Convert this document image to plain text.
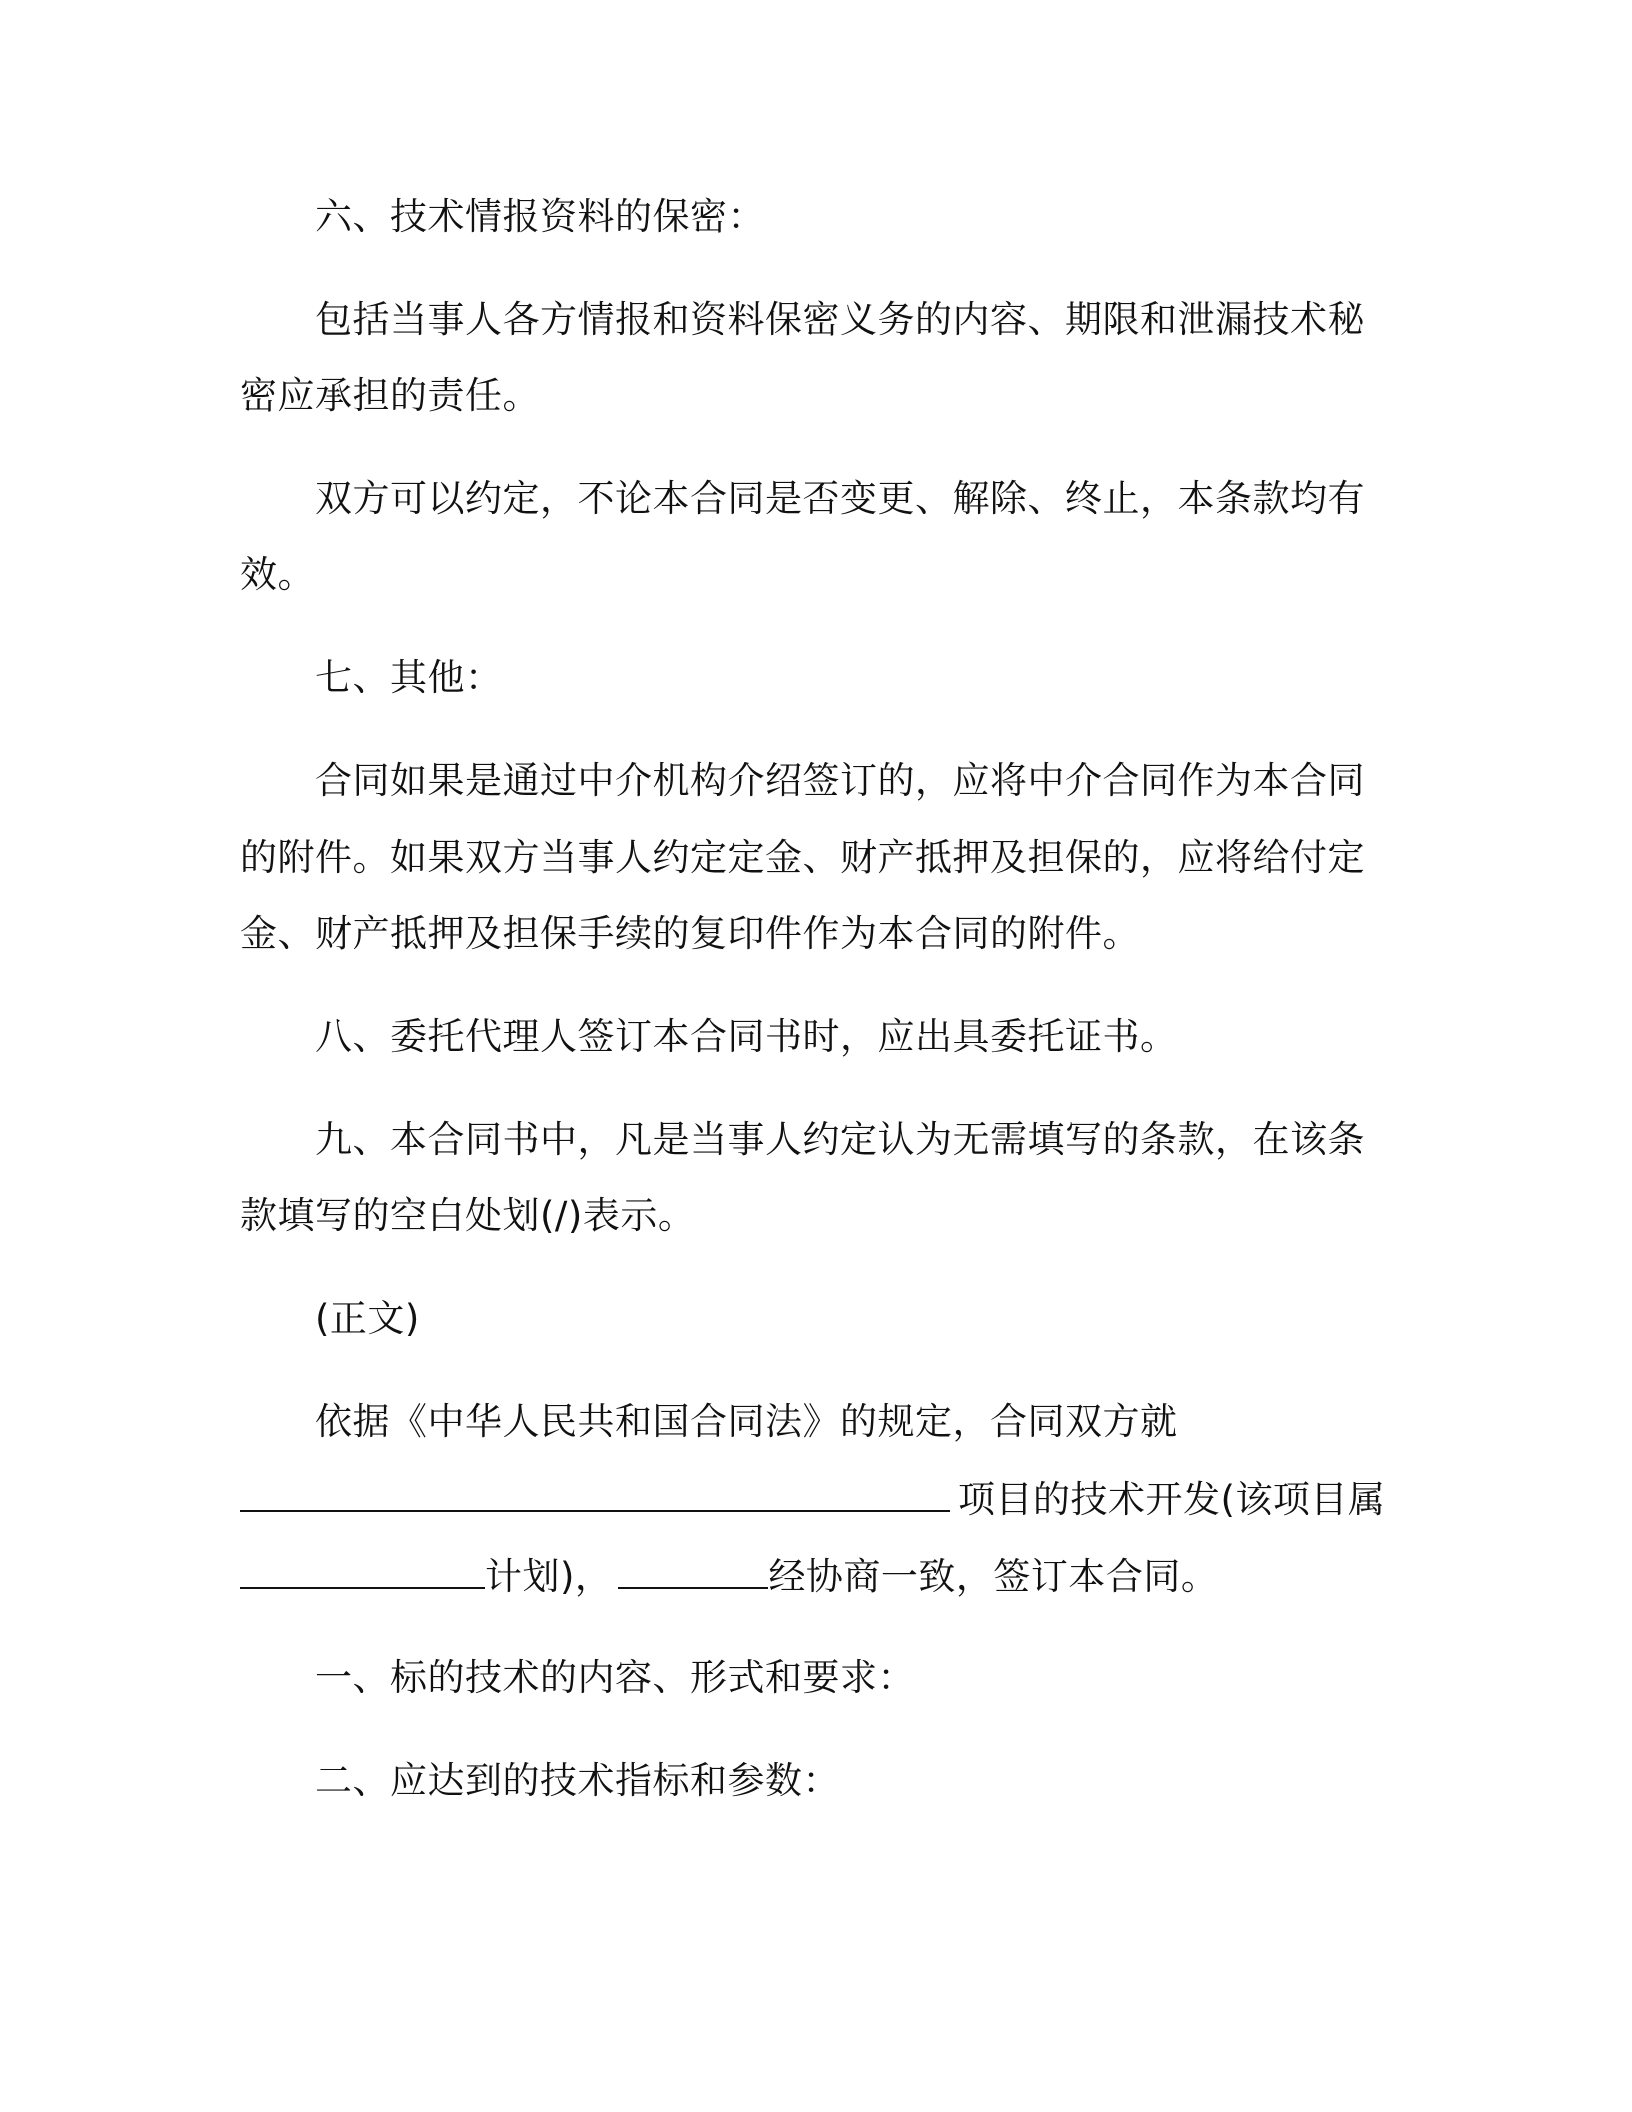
六、技术情报资料的保密：
包括当事人各方情报和资料保密义务的内容、期限和泄漏技术秘
密应承担的责任。
双方可以约定，不论本合同是否变更、解除、终止，本条款均有
效。
七、其他：
合同如果是通过中介机构介绍签订的，应将中介合同作为本合同
的附件。如果双方当事人约定定金、财产抵押及担保的，应将给付定
金、财产抵押及担保手续的复印件作为本合同的附件。
八、委托代理人签订本合同书时，应出具委托证书。
九、本合同书中，凡是当事人约定认为无需填写的条款，在该条
款填写的空白处划(/)表示。
(正文)
依据《中华人民共和国合同法》的规定，合同双方就
项目的技术开发(该项目属
计划)，	经协商一致，签订本合同。
一、标的技术的内容、形式和要求：
二、应达到的技术指标和参数：
